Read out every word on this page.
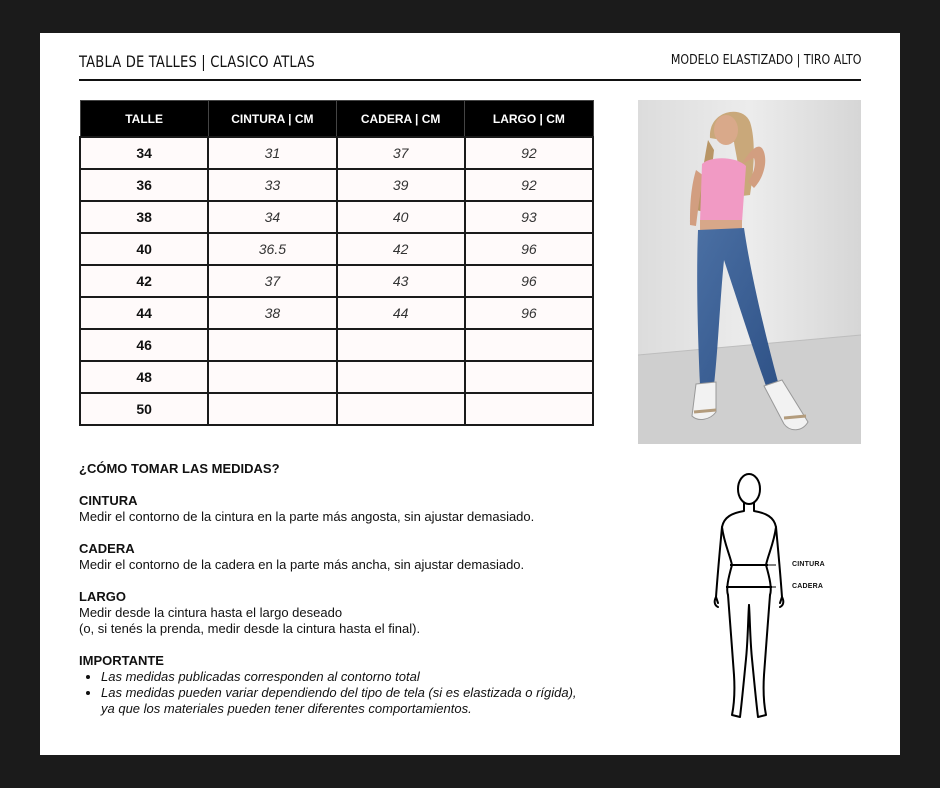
TABLA DE TALLES | CLASICO ATLAS	MODELO ELASTIZADO | TIRO ALTO
TALLE	CINTURA | CM	CADERA | CM	LARGO | CM
34	31	37	92
36	33	39	92
38	34	40	93
40	36.5	42	96
42	37	43	96
44	38	44	96
46			
48			
50			
¿CÓMO TOMAR LAS MEDIDAS?
CINTURA
Medir el contorno de la cintura en la parte más angosta, sin ajustar demasiado.
CADERA
Medir el contorno de la cadera en la parte más ancha, sin ajustar demasiado.
LARGO
Medir desde la cintura hasta el largo deseado
(o, si tenés la prenda, medir desde la cintura hasta el final).
IMPORTANTE
• Las medidas publicadas corresponden al contorno total
• Las medidas pueden variar dependiendo del tipo de tela (si es elastizada o rígida),
ya que los materiales pueden tener diferentes comportamientos.
CINTURA
CADERA
